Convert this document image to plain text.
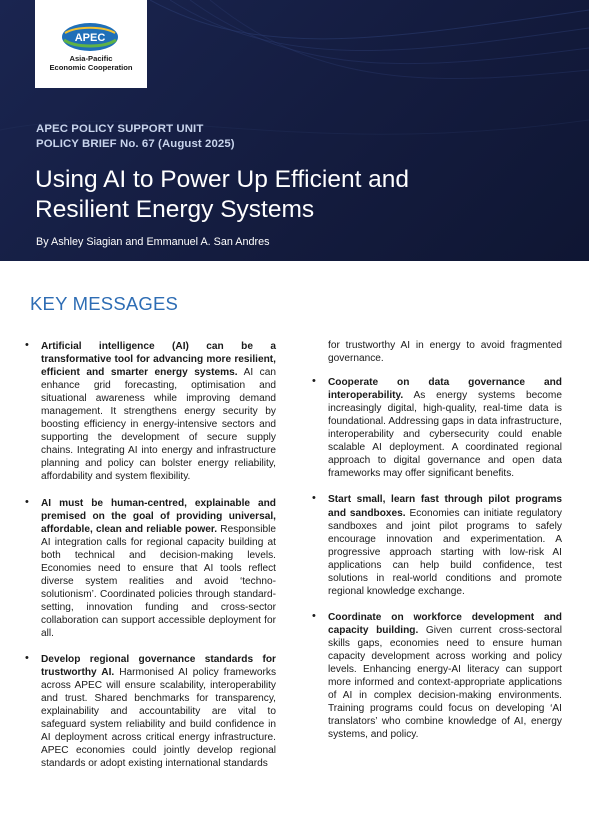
APEC
Asia-Pacific
Economic Cooperation
APEC POLICY SUPPORT UNIT
POLICY BRIEF No. 67 (August 2025)
Using AI to Power Up Efficient and
Resilient Energy Systems
By Ashley Siagian and Emmanuel A. San Andres
KEY MESSAGES
• Artificial intelligence (AI) can be a transformative tool for advancing more resilient, efficient and smarter energy systems. AI can enhance grid forecasting, optimisation and situational awareness while improving demand management. It strengthens energy security by boosting efficiency in energy-intensive sectors and supporting the development of secure supply chains. Integrating AI into energy and infrastructure planning and policy can bolster energy reliability, affordability and system flexibility.

• AI must be human-centred, explainable and premised on the goal of providing universal, affordable, clean and reliable power. Responsible AI integration calls for regional capacity building at both technical and decision-making levels. Economies need to ensure that AI tools reflect diverse system realities and avoid ‘techno-solutionism’. Coordinated policies through standard-setting, innovation funding and cross-sector collaboration can support accessible deployment for all.

• Develop regional governance standards for trustworthy AI. Harmonised AI policy frameworks across APEC will ensure scalability, interoperability and trust. Shared benchmarks for transparency, explainability and accountability are vital to safeguard system reliability and build confidence in AI deployment across critical energy infrastructure. APEC economies could jointly develop regional standards or adopt existing international standards

for trustworthy AI in energy to avoid fragmented governance.

• Cooperate on data governance and interoperability. As energy systems become increasingly digital, high-quality, real-time data is foundational. Addressing gaps in data infrastructure, interoperability and cybersecurity could enable scalable AI deployment. A coordinated regional approach to digital governance and open data frameworks may offer significant benefits.

• Start small, learn fast through pilot programs and sandboxes. Economies can initiate regulatory sandboxes and joint pilot programs to safely encourage innovation and experimentation. A progressive approach starting with low-risk AI applications can help build confidence, test solutions in real-world conditions and promote regional knowledge exchange.

• Coordinate on workforce development and capacity building. Given current cross-sectoral skills gaps, economies need to ensure human capacity development across working and policy levels. Enhancing energy-AI literacy can support more informed and context-appropriate applications of AI in complex decision-making environments. Training programs could focus on developing ‘AI translators’ who combine knowledge of AI, energy systems, and policy.
